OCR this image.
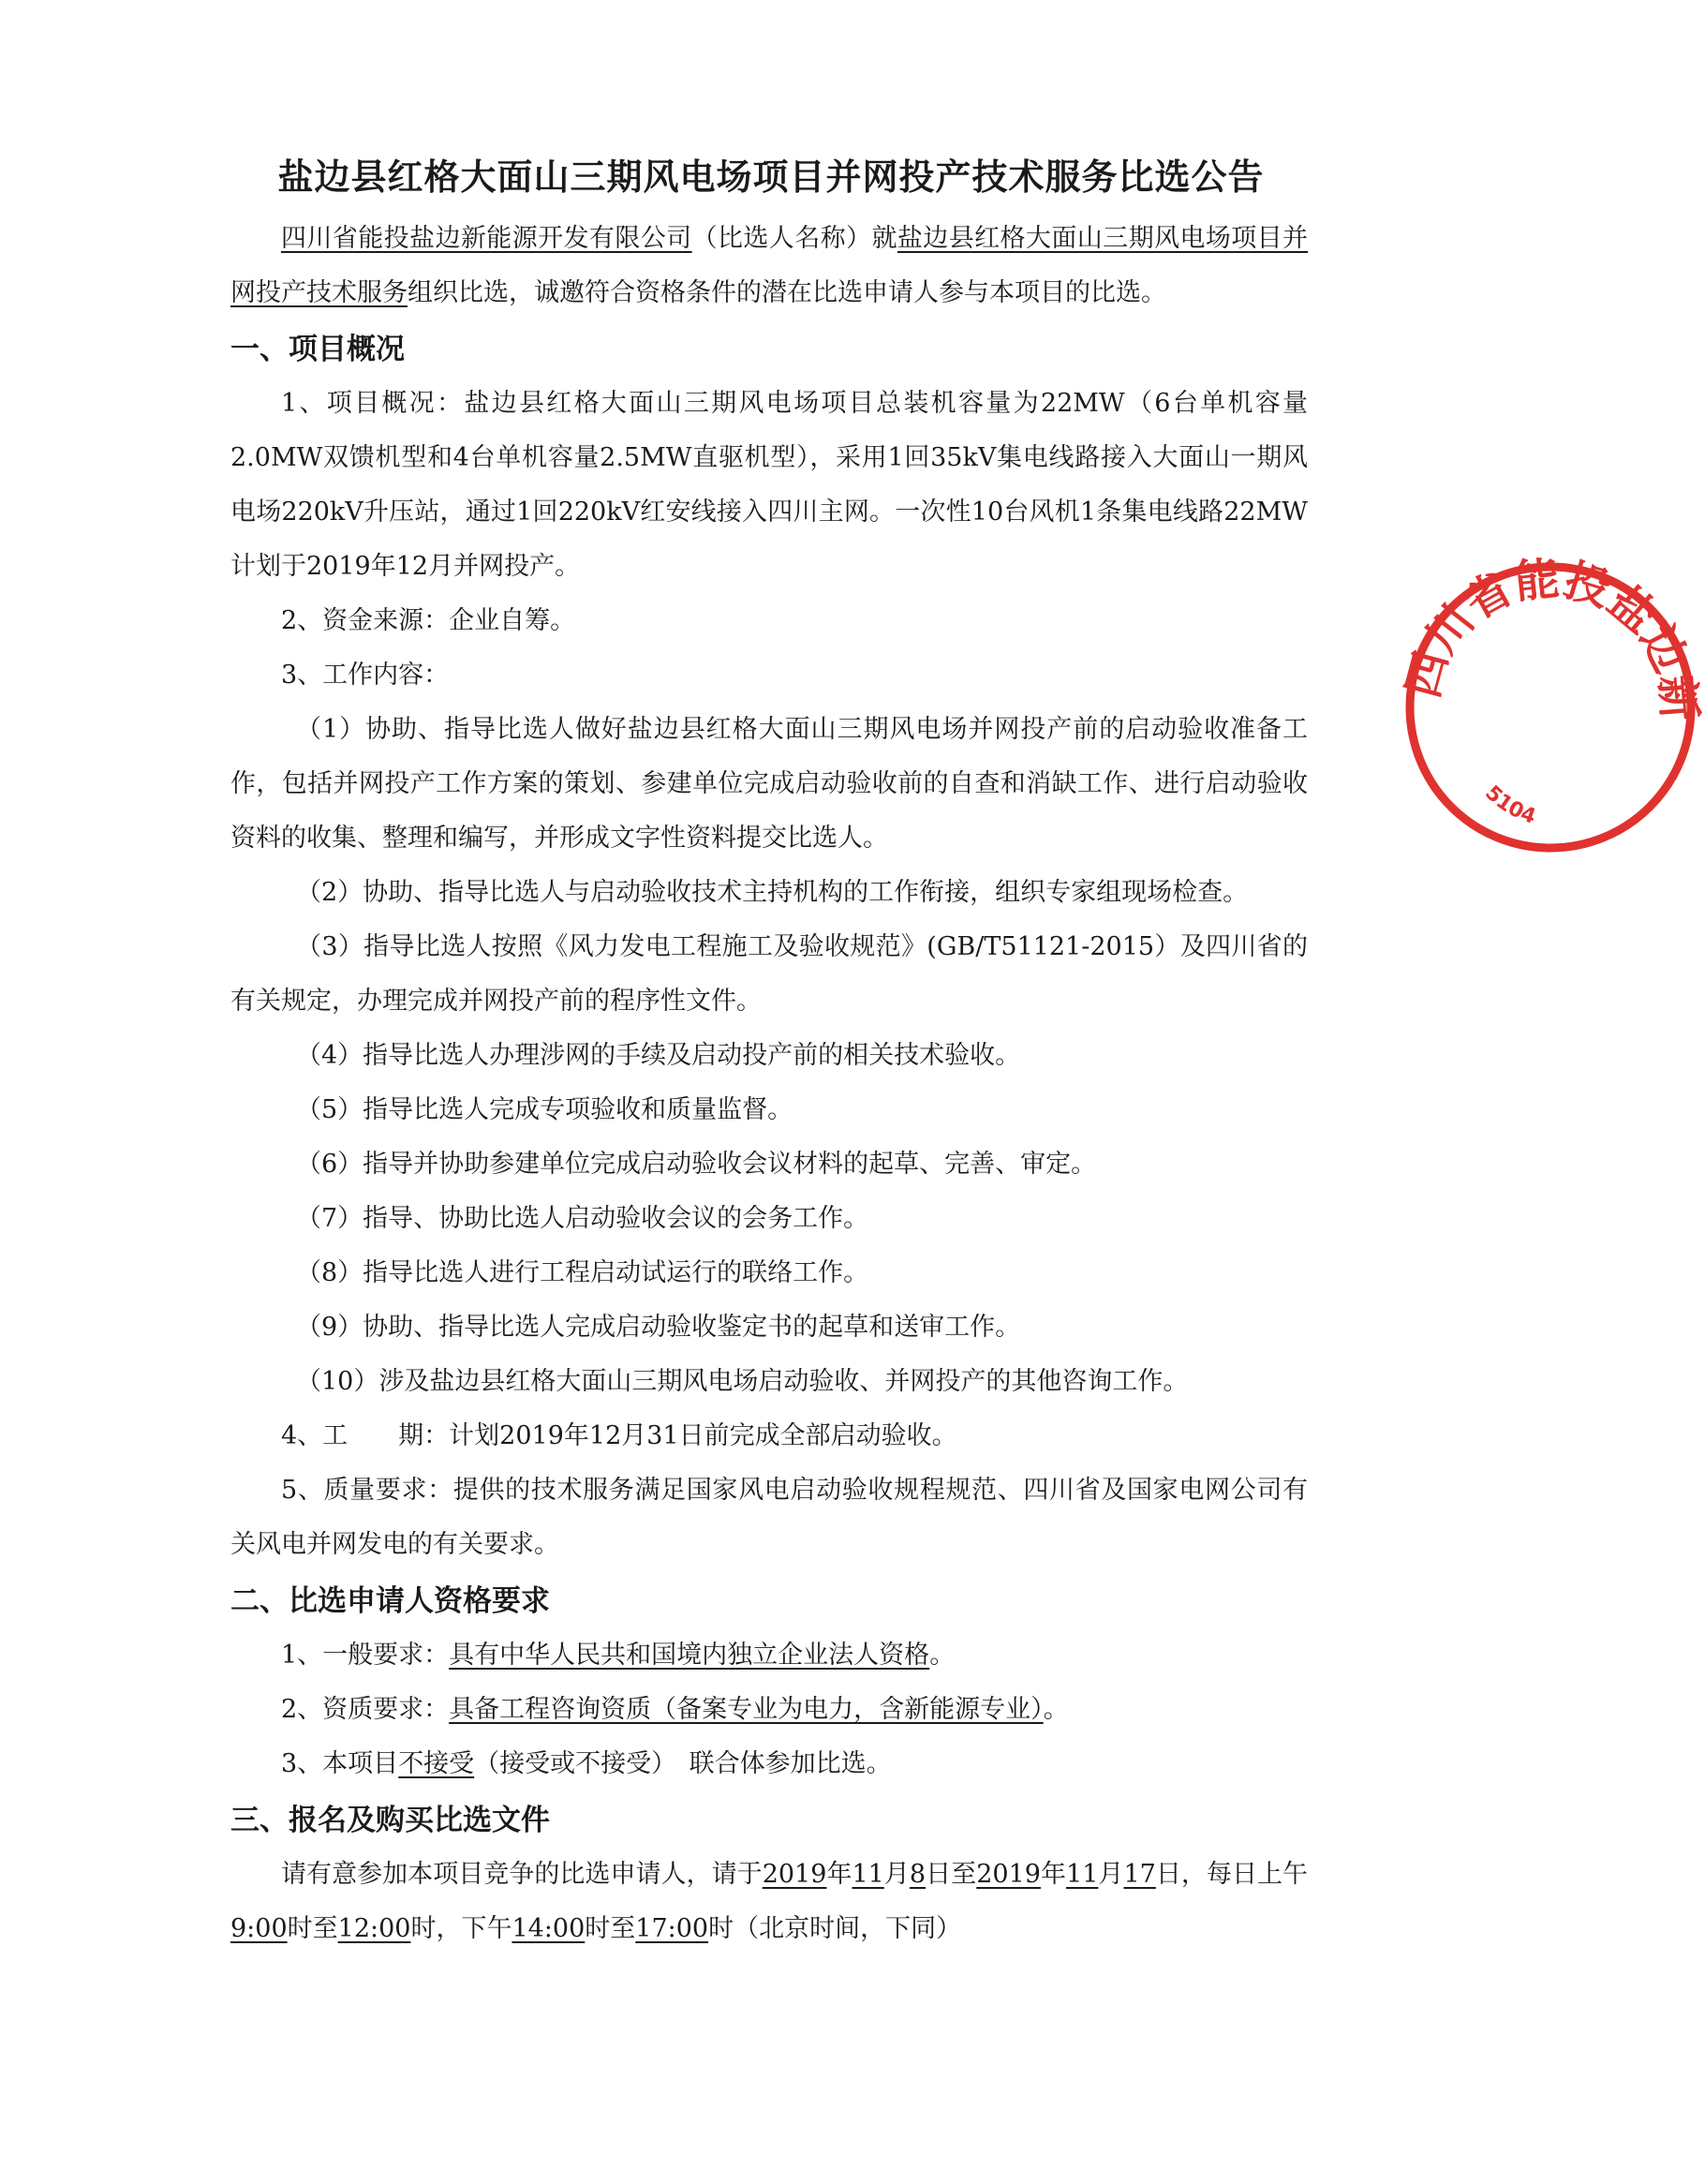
盐边县红格大面山三期风电场项目并网投产技术服务比选公告
四川省能投盐边新能源开发有限公司（比选人名称）就盐边县红格大面山三期风电场项目并网投产技术服务组织比选，诚邀符合资格条件的潜在比选申请人参与本项目的比选。
一、项目概况
1、项目概况：盐边县红格大面山三期风电场项目总装机容量为22MW（6台单机容量2.0MW双馈机型和4台单机容量2.5MW直驱机型），采用1回35kV集电线路接入大面山一期风电场220kV升压站，通过1回220kV红安线接入四川主网。一次性10台风机1条集电线路22MW计划于2019年12月并网投产。
2、资金来源：企业自筹。
3、工作内容：
（1）协助、指导比选人做好盐边县红格大面山三期风电场并网投产前的启动验收准备工作，包括并网投产工作方案的策划、参建单位完成启动验收前的自查和消缺工作、进行启动验收资料的收集、整理和编写，并形成文字性资料提交比选人。
（2）协助、指导比选人与启动验收技术主持机构的工作衔接，组织专家组现场检查。
（3）指导比选人按照《风力发电工程施工及验收规范》(GB/T51121-2015）及四川省的有关规定，办理完成并网投产前的程序性文件。
（4）指导比选人办理涉网的手续及启动投产前的相关技术验收。
（5）指导比选人完成专项验收和质量监督。
（6）指导并协助参建单位完成启动验收会议材料的起草、完善、审定。
（7）指导、协助比选人启动验收会议的会务工作。
（8）指导比选人进行工程启动试运行的联络工作。
（9）协助、指导比选人完成启动验收鉴定书的起草和送审工作。
（10）涉及盐边县红格大面山三期风电场启动验收、并网投产的其他咨询工作。
4、工　　期：计划2019年12月31日前完成全部启动验收。
5、质量要求：提供的技术服务满足国家风电启动验收规程规范、四川省及国家电网公司有关风电并网发电的有关要求。
二、比选申请人资格要求
1、一般要求：具有中华人民共和国境内独立企业法人资格。
2、资质要求：具备工程咨询资质（备案专业为电力，含新能源专业）。
3、本项目不接受（接受或不接受）　联合体参加比选。
三、报名及购买比选文件
请有意参加本项目竞争的比选申请人，请于2019年11月8日至2019年11月17日，每日上午9:00时至12:00时，下午14:00时至17:00时（北京时间，下同）
四川省能投盐边新
5104
